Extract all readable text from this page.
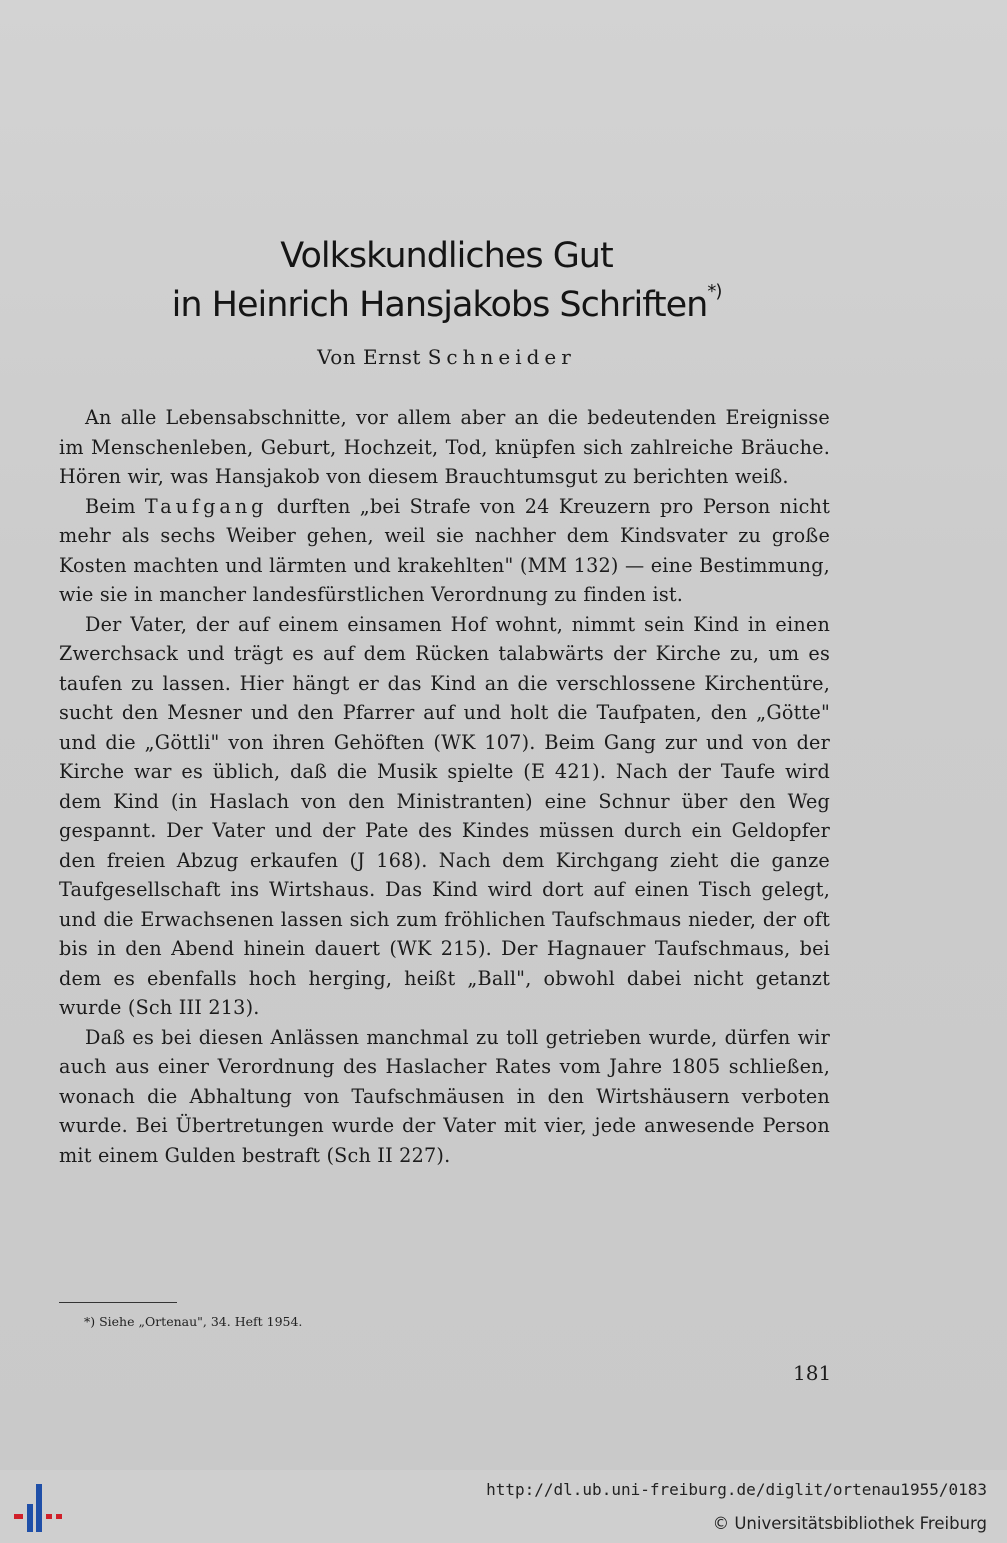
Volkskundliches Gut
in Heinrich Hansjakobs Schriften*)
Von Ernst Schneider

An alle Lebensabschnitte, vor allem aber an die bedeutenden Ereignisse im Menschenleben, Geburt, Hochzeit, Tod, knüpfen sich zahlreiche Bräuche. Hören wir, was Hansjakob von diesem Brauchtumsgut zu berichten weiß.

Beim Taufgang durften „bei Strafe von 24 Kreuzern pro Person nicht mehr als sechs Weiber gehen, weil sie nachher dem Kindsvater zu große Kosten machten und lärmten und krakehlten" (MM 132) — eine Bestimmung, wie sie in mancher landesfürstlichen Verordnung zu finden ist.

Der Vater, der auf einem einsamen Hof wohnt, nimmt sein Kind in einen Zwerchsack und trägt es auf dem Rücken talabwärts der Kirche zu, um es taufen zu lassen. Hier hängt er das Kind an die verschlossene Kirchentüre, sucht den Mesner und den Pfarrer auf und holt die Taufpaten, den „Götte" und die „Göttli" von ihren Gehöften (WK 107). Beim Gang zur und von der Kirche war es üblich, daß die Musik spielte (E 421). Nach der Taufe wird dem Kind (in Haslach von den Ministranten) eine Schnur über den Weg gespannt. Der Vater und der Pate des Kindes müssen durch ein Geldopfer den freien Abzug erkaufen (J 168). Nach dem Kirchgang zieht die ganze Taufgesellschaft ins Wirtshaus. Das Kind wird dort auf einen Tisch gelegt, und die Erwachsenen lassen sich zum fröhlichen Taufschmaus nieder, der oft bis in den Abend hinein dauert (WK 215). Der Hagnauer Taufschmaus, bei dem es ebenfalls hoch herging, heißt „Ball", obwohl dabei nicht getanzt wurde (Sch III 213).

Daß es bei diesen Anlässen manchmal zu toll getrieben wurde, dürfen wir auch aus einer Verordnung des Haslacher Rates vom Jahre 1805 schließen, wonach die Abhaltung von Taufschmäusen in den Wirtshäusern verboten wurde. Bei Übertretungen wurde der Vater mit vier, jede anwesende Person mit einem Gulden bestraft (Sch II 227).

*) Siehe „Ortenau", 34. Heft 1954.
181
http://dl.ub.uni-freiburg.de/diglit/ortenau1955/0183
© Universitätsbibliothek Freiburg
